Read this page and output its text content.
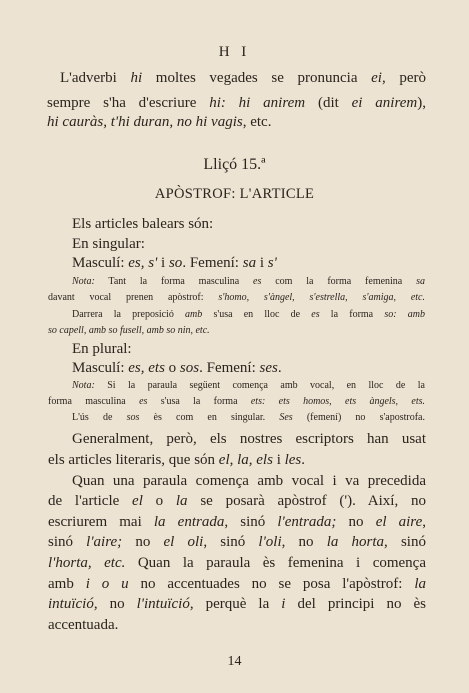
H I
L'adverbi hi moltes vegades se pronuncia ei, però
sempre s'ha d'escriure hi: hi anirem (dit ei anirem),
hi cauràs, t'hi duran, no hi vagis, etc.
Lliçó 15.ª
APÒSTROF: L'ARTICLE
Els articles balears són:
En singular:
Masculí: es, s' i so. Femení: sa i s'
Nota: Tant la forma masculina es com la forma femenina sa
davant vocal prenen apòstrof: s'homo, s'àngel, s'estrella, s'amiga, etc.
Darrera la preposició amb s'usa en lloc de es la forma so: amb
so capell, amb so fusell, amb so nin, etc.
En plural:
Masculí: es, ets o sos. Femení: ses.
Nota: Si la paraula següent comença amb vocal, en lloc de la
forma masculina es s'usa la forma ets: ets homos, ets àngels, ets.
L'ús de sos ès com en singular. Ses (femení) no s'apostrofa.
Generalment, però, els nostres escriptors han usat
els articles literaris, que són el, la, els i les.
Quan una paraula comença amb vocal i va precedida
de l'article el o la se posarà apòstrof ('). Així, no
escriurem mai la entrada, sinó l'entrada; no el aire,
sinó l'aire; no el oli, sinó l'oli, no la horta, sinó
l'horta, etc. Quan la paraula ès femenina i comença
amb i o u no accentuades no se posa l'apòstrof: la
intuïció, no l'intuïció, perquè la i del principi no ès
accentuada.
14
